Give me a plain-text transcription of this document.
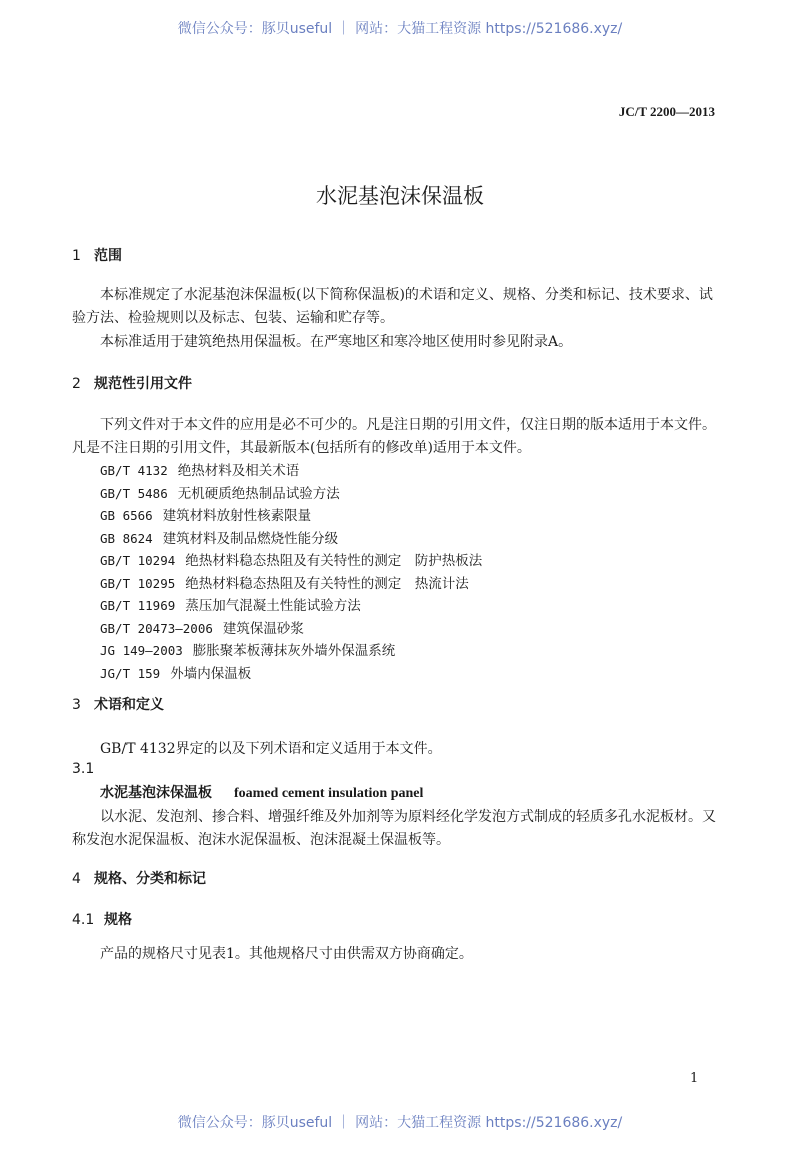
微信公众号：豚贝useful ｜ 网站：大猫工程资源 https://521686.xyz/
JC/T 2200—2013
水泥基泡沫保温板
1 范围

本标准规定了水泥基泡沫保温板(以下简称保温板)的术语和定义、规格、分类和标记、技术要求、试验方法、检验规则以及标志、包装、运输和贮存等。

本标准适用于建筑绝热用保温板。在严寒地区和寒冷地区使用时参见附录A。

2 规范性引用文件

下列文件对于本文件的应用是必不可少的。凡是注日期的引用文件，仅注日期的版本适用于本文件。凡是不注日期的引用文件，其最新版本(包括所有的修改单)适用于本文件。

GB/T 4132 绝热材料及相关术语
GB/T 5486 无机硬质绝热制品试验方法
GB 6566 建筑材料放射性核素限量
GB 8624 建筑材料及制品燃烧性能分级
GB/T 10294 绝热材料稳态热阻及有关特性的测定　防护热板法
GB/T 10295 绝热材料稳态热阻及有关特性的测定　热流计法
GB/T 11969 蒸压加气混凝土性能试验方法
GB/T 20473—2006 建筑保温砂浆
JG 149—2003 膨胀聚苯板薄抹灰外墙外保温系统
JG/T 159 外墙内保温板
3 术语和定义
GB/T 4132界定的以及下列术语和定义适用于本文件。
3.1
水泥基泡沫保温板 foamed cement insulation panel

以水泥、发泡剂、掺合料、增强纤维及外加剂等为原料经化学发泡方式制成的轻质多孔水泥板材。又称发泡水泥保温板、泡沫水泥保温板、泡沫混凝土保温板等。

4 规格、分类和标记
4.1 规格
产品的规格尺寸见表1。其他规格尺寸由供需双方协商确定。
1
微信公众号：豚贝useful ｜ 网站：大猫工程资源 https://521686.xyz/
